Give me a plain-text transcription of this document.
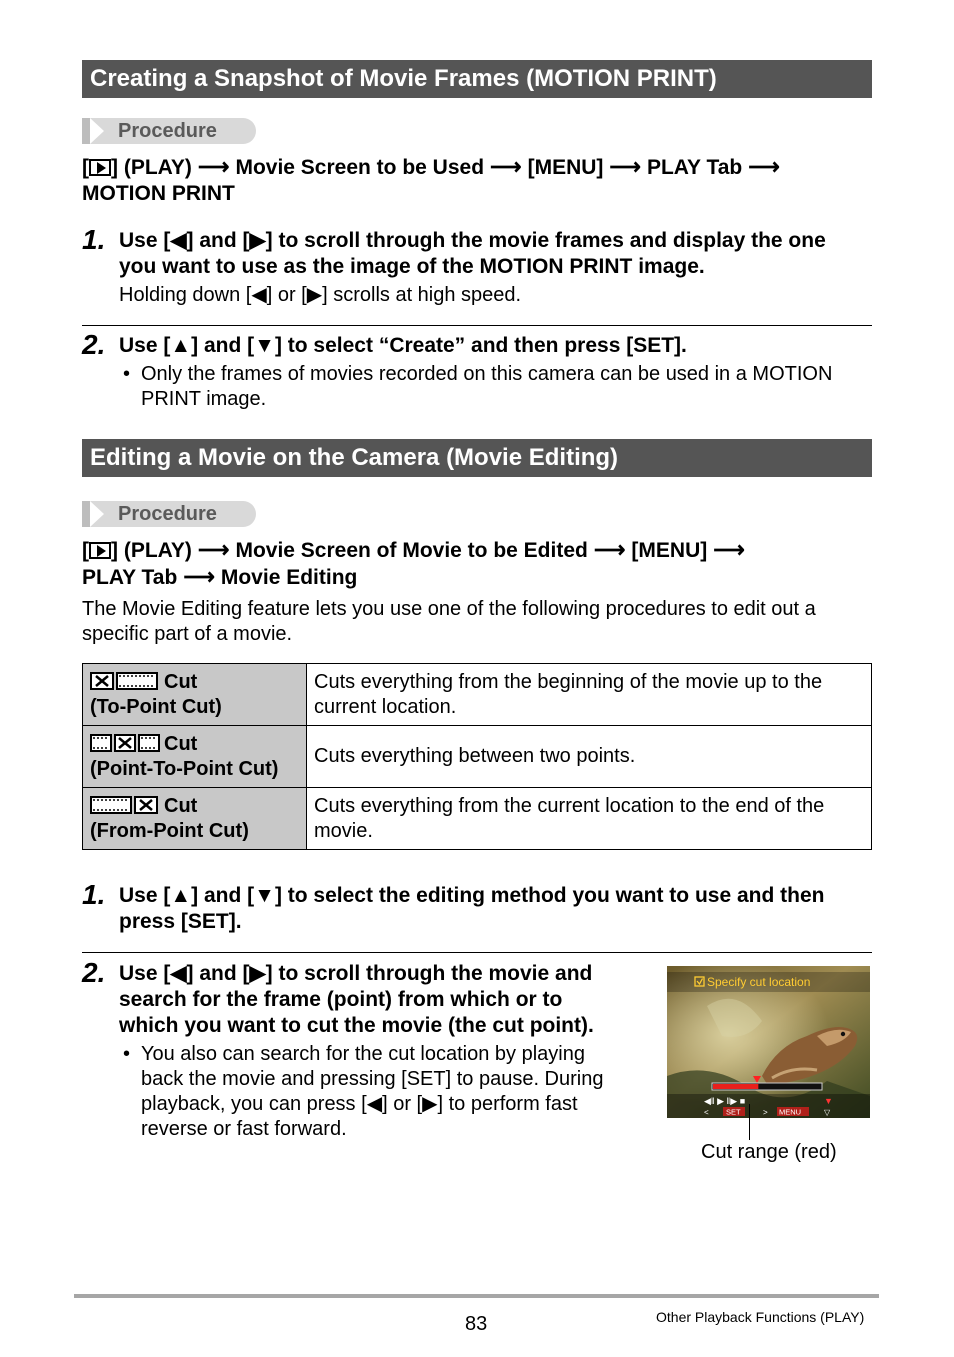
Creating a Snapshot of Movie Frames (MOTION PRINT)
Procedure
[ ] (PLAY) ⟶ Movie Screen to be Used ⟶ [MENU] ⟶ PLAY Tab ⟶
MOTION PRINT
1. Use [◀] and [▶] to scroll through the movie frames and display the one
you want to use as the image of the MOTION PRINT image.
Holding down [◀] or [▶] scrolls at high speed.
2. Use [▲] and [▼] to select “Create” and then press [SET].
• Only the frames of movies recorded on this camera can be used in a MOTION
PRINT image.
Editing a Movie on the Camera (Movie Editing)
Procedure
[ ] (PLAY) ⟶ Movie Screen of Movie to be Edited ⟶ [MENU] ⟶
PLAY Tab ⟶ Movie Editing
The Movie Editing feature lets you use one of the following procedures to edit out a
specific part of a movie.
Cut
(To-Point Cut)	Cuts everything from the beginning of the movie up to the
current location.
Cut
(Point-To-Point Cut)	Cuts everything between two points.
Cut
(From-Point Cut)	Cuts everything from the current location to the end of the
movie.
1. Use [▲] and [▼] to select the editing method you want to use and then
press [SET].
2. Use [◀] and [▶] to scroll through the movie and
search for the frame (point) from which or to
which you want to cut the movie (the cut point).
• You also can search for the cut location by playing
back the movie and pressing [SET] to pause. During
playback, you can press [◀] or [▶] to perform fast
reverse or fast forward.
Specify cut location
◀‖ ▶ ‖▶ ■
< SET	> MENU
▼
▽
Cut range (red)
83	Other Playback Functions (PLAY)
